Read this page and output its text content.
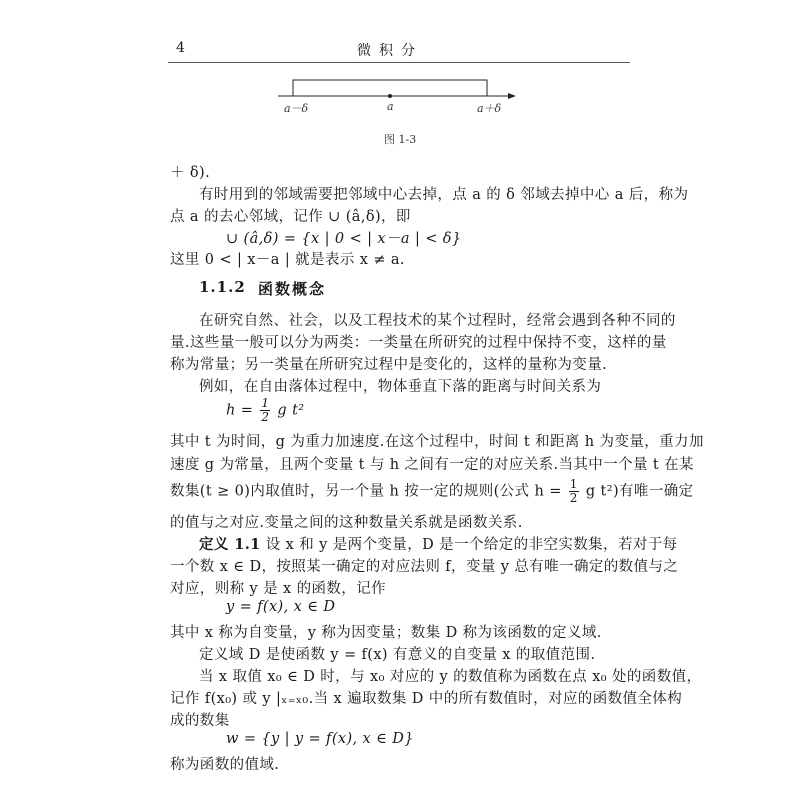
4	微积分
a－δ	a	a＋δ
图 1-3
＋ δ).
有时用到的邻域需要把邻域中心去掉，点 a 的 δ 邻域去掉中心 a 后，称为
点 a 的去心邻域，记作 ∪ (â,δ)，即
∪ (â,δ) = {x | 0 < | x－a | < δ}
这里 0 < | x－a | 就是表示 x ≠ a.
1.1.2 函数概念
在研究自然、社会，以及工程技术的某个过程时，经常会遇到各种不同的
量.这些量一般可以分为两类：一类量在所研究的过程中保持不变，这样的量
称为常量；另一类量在所研究过程中是变化的，这样的量称为变量.
例如，在自由落体过程中，物体垂直下落的距离与时间关系为
$h = \frac{1}{2}$ g t²
其中 t 为时间，g 为重力加速度.在这个过程中，时间 t 和距离 h 为变量，重力加
速度 g 为常量，且两个变量 t 与 h 之间有一定的对应关系.当其中一个量 t 在某
数集(t ≥ 0)内取值时，另一个量 h 按一定的规则(公式 $h = \frac{1}{2}$ g t²)有唯一确定
的值与之对应.变量之间的这种数量关系就是函数关系.
定义 1.1 设 x 和 y 是两个变量，D 是一个给定的非空实数集，若对于每
一个数 x ∈ D，按照某一确定的对应法则 f，变量 y 总有唯一确定的数值与之
对应，则称 y 是 x 的函数，记作
y = f(x), x ∈ D
其中 x 称为自变量，y 称为因变量；数集 D 称为该函数的定义域.
定义域 D 是使函数 y = f(x) 有意义的自变量 x 的取值范围.
当 x 取值 x₀ ∈ D 时，与 x₀ 对应的 y 的数值称为函数在点 x₀ 处的函数值，
记作 f(x₀) 或 y |ₓ₌ₓ₀.当 x 遍取数集 D 中的所有数值时，对应的函数值全体构
成的数集
w = {y | y = f(x), x ∈ D}
称为函数的值域.
